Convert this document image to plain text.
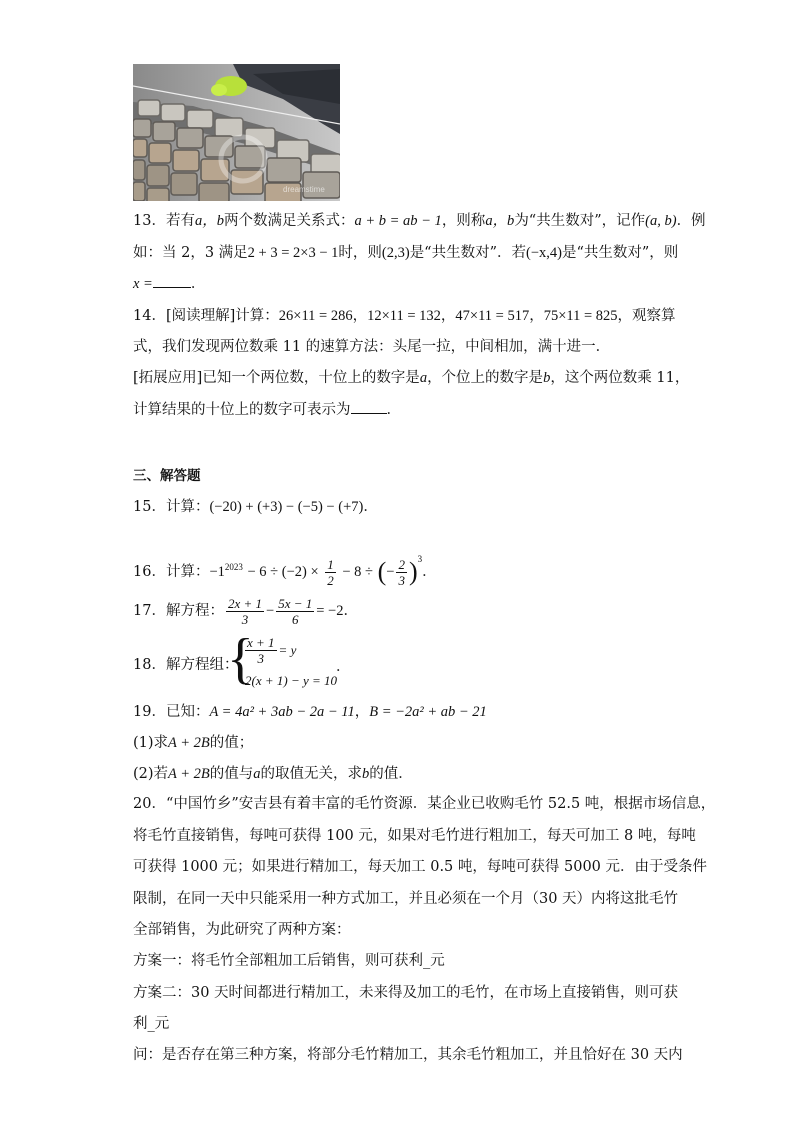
dreamstime
13．若有a，b两个数满足关系式：a + b = ab − 1，则称a，b为“共生数对”，记作(a, b)．例
如：当 2，3 满足2 + 3 = 2×3 − 1时，则(2,3)是“共生数对”．若(−x,4)是“共生数对”，则
x =	．
14．[阅读理解]计算：26×11 = 286，12×11 = 132，47×11 = 517，75×11 = 825，观察算
式，我们发现两位数乘 11 的速算方法：头尾一拉，中间相加，满十进一．
[拓展应用]已知一个两位数，十位上的数字是a，个位上的数字是b，这个两位数乘 11，
计算结果的十位上的数字可表示为 ．
三、解答题
15．计算：(−20) + (+3) − (−5) − (+7)．
16．计算：$-1^{2023} - 6 \div (-2) \times \frac{1}{2} - 8$ ÷ (− $\frac{2}{3} )^3$．
17．解方程： $\frac{2x + 1}{3} - \frac{5x - 1}{6} = -2$．
18．解方程组：
{
$\frac{x + 1}{3} = y$
2(x + 1) − y = 10
．
19．已知：A = 4a² + 3ab − 2a − 11，B = −2a² + ab − 21
(1)求A + 2B的值；
(2)若A + 2B的值与a的取值无关，求b的值．
20．“中国竹乡”安吉县有着丰富的毛竹资源．某企业已收购毛竹 52.5 吨，根据市场信息，
将毛竹直接销售，每吨可获得 100 元，如果对毛竹进行粗加工，每天可加工 8 吨，每吨
可获得 1000 元；如果进行精加工，每天加工 0.5 吨，每吨可获得 5000 元．由于受条件
限制，在同一天中只能采用一种方式加工，并且必须在一个月（30 天）内将这批毛竹
全部销售，为此研究了两种方案：
方案一：将毛竹全部粗加工后销售，则可获利_元
方案二：30 天时间都进行精加工，未来得及加工的毛竹，在市场上直接销售，则可获
利_元
问：是否存在第三种方案，将部分毛竹精加工，其余毛竹粗加工，并且恰好在 30 天内
